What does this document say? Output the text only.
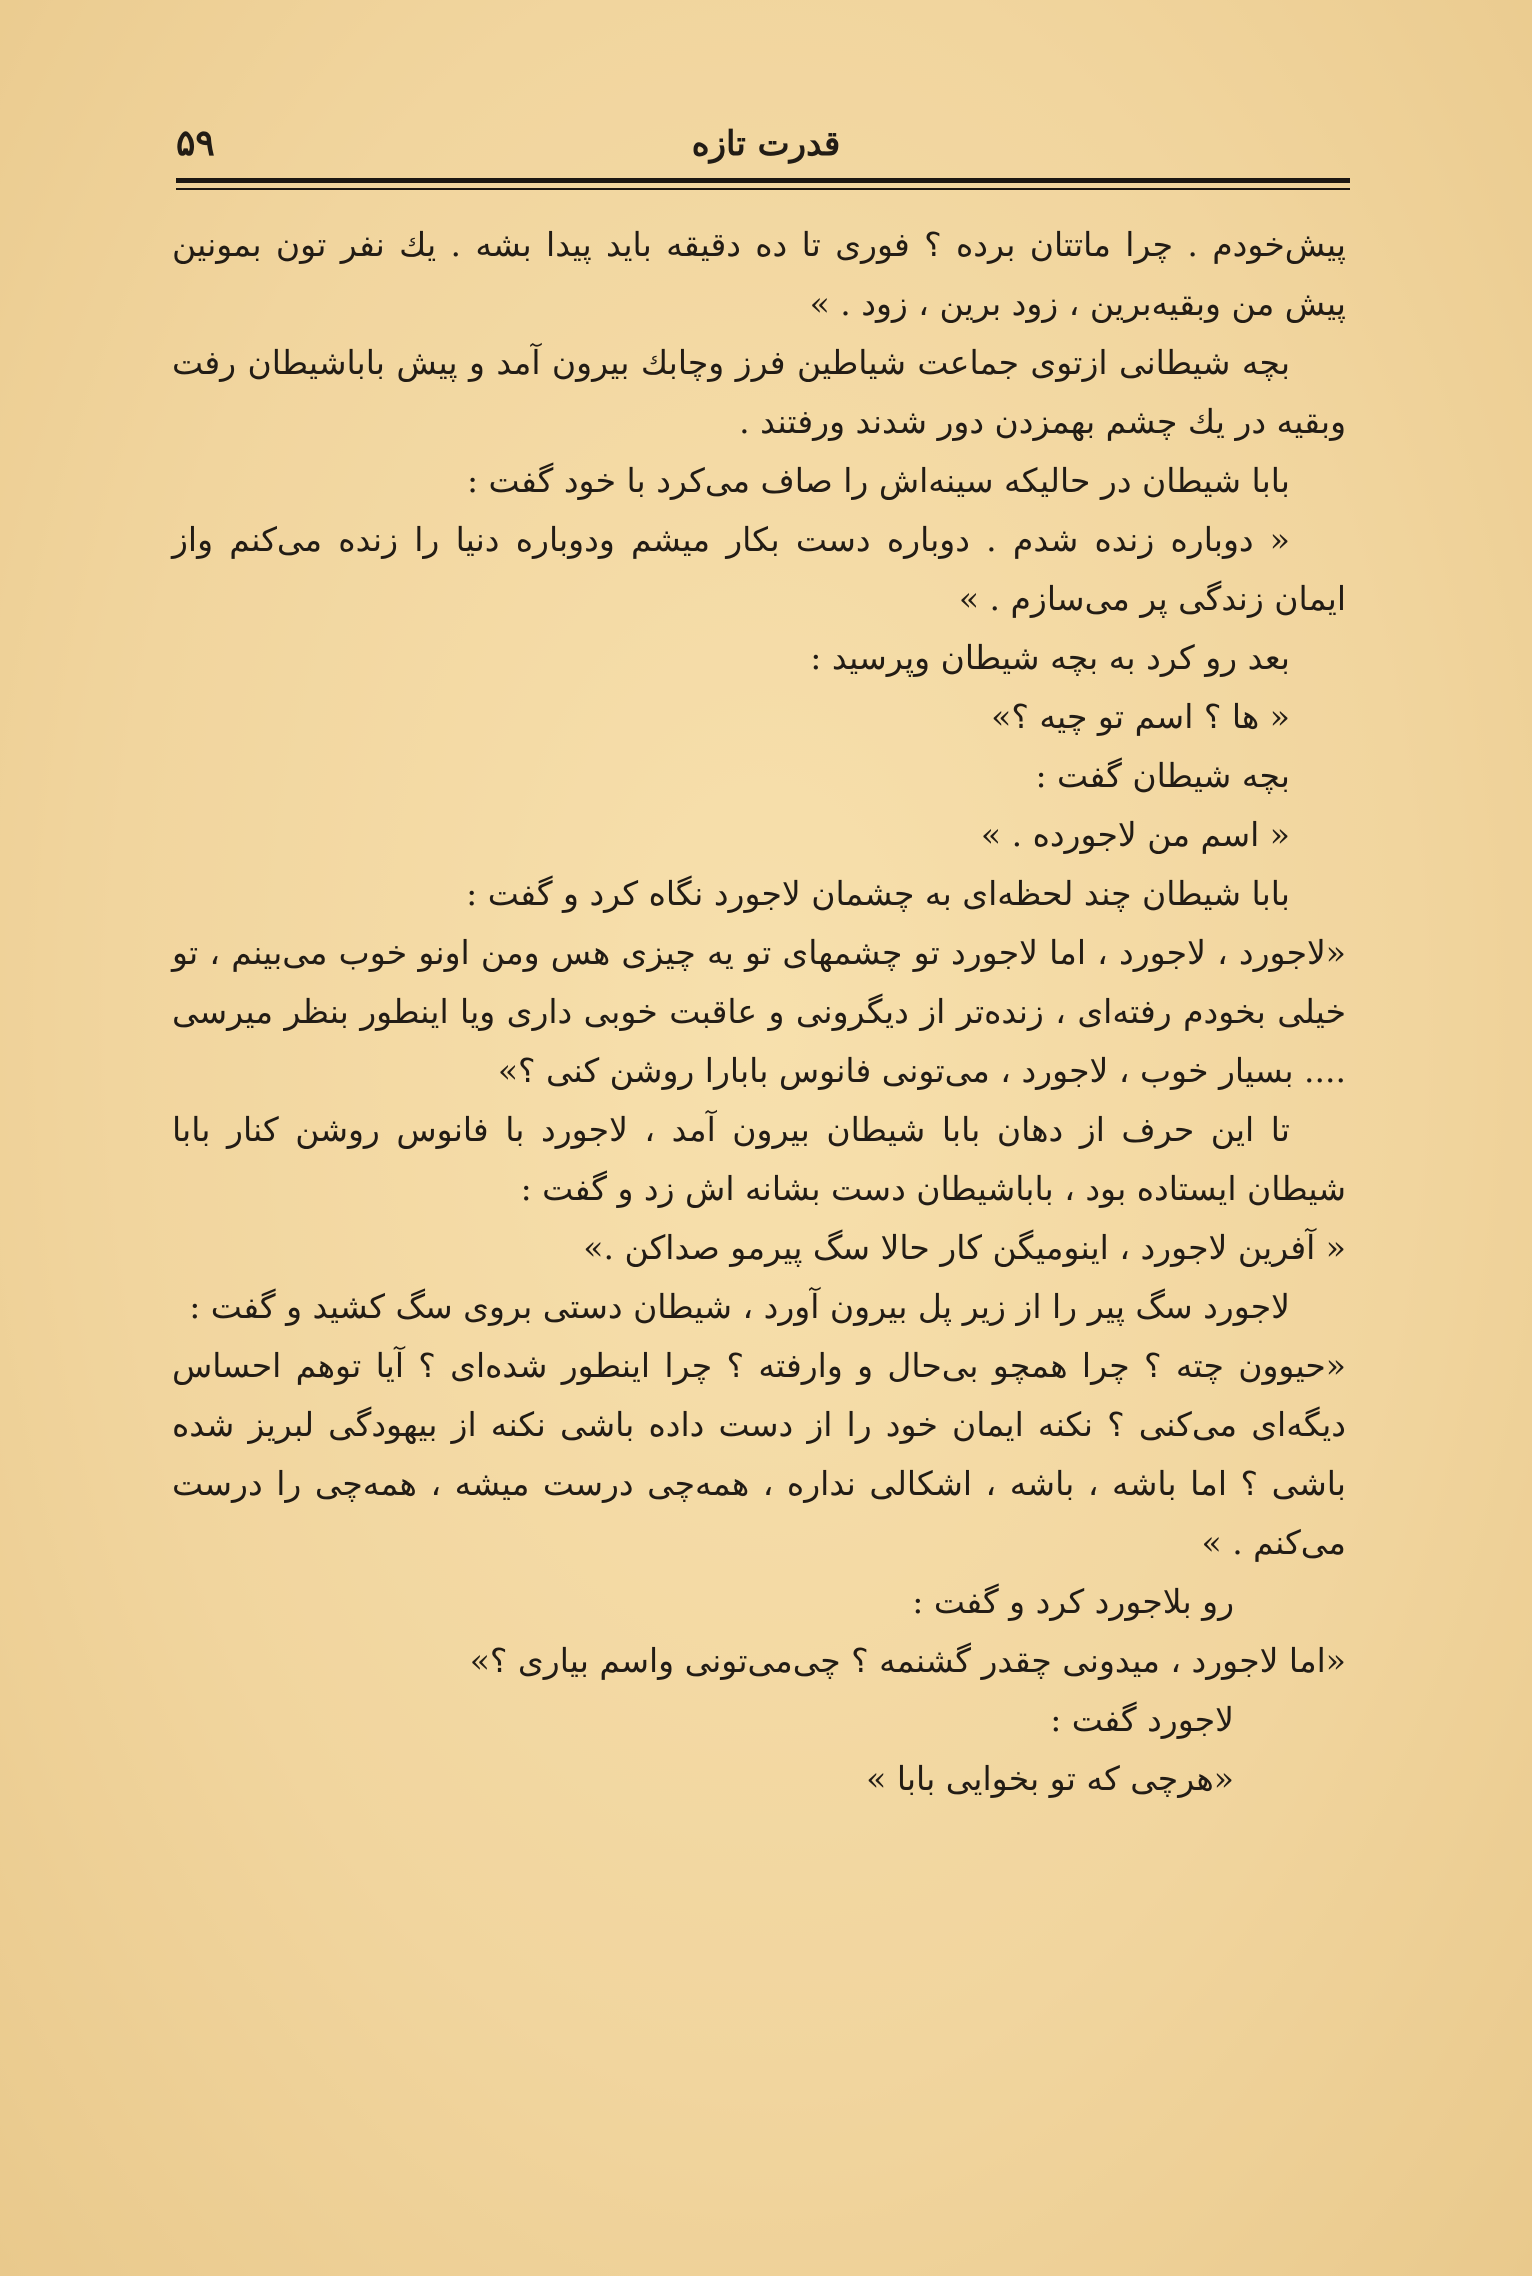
قدرت تازه
۵۹

پیش‌خودم . چرا ماتتان برده ؟ فوری تا ده دقیقه باید پیدا بشه . یك نفر تون بمونین پیش من وبقیه‌برین ، زود برین ، زود . »

بچه شیطانی ازتوی جماعت شیاطین فرز وچابك بیرون آمد و پیش باباشیطان رفت وبقیه در یك چشم بهمزدن دور شدند ورفتند .

بابا شیطان در حالیکه سینه‌اش را صاف می‌کرد با خود گفت :

« دوباره زنده شدم . دوباره دست بکار میشم ودوباره دنیا را زنده می‌کنم واز ایمان زندگی پر می‌سازم . »

بعد رو کرد به بچه شیطان وپرسید :

« ها ؟ اسم تو چیه ؟»

بچه شیطان گفت :

« اسم من لاجورده . »

بابا شیطان چند لحظه‌ای به چشمان لاجورد نگاه کرد و گفت :

«لاجورد ، لاجورد ، اما لاجورد تو چشمهای تو یه چیزی هس ومن اونو خوب می‌بینم ، تو خیلی بخودم رفته‌ای ، زنده‌تر از دیگرونی و عاقبت خوبی داری ویا اینطور بنظر میرسی .... بسیار خوب ، لاجورد ، می‌تونی فانوس بابارا روشن کنی ؟»

تا این حرف از دهان بابا شیطان بیرون آمد ، لاجورد با فانوس روشن کنار بابا شیطان ایستاده بود ، باباشیطان دست بشانه اش زد و گفت :

« آفرین لاجورد ، اینومیگن کار حالا سگ پیرمو صداکن .»

لاجورد سگ پیر را از زیر پل بیرون آورد ، شیطان دستی بروی سگ کشید و گفت :

«حیوون چته ؟ چرا همچو بی‌حال و وارفته ؟ چرا اینطور شده‌ای ؟ آیا توهم احساس دیگه‌ای می‌کنی ؟ نکنه ایمان خود را از دست داده باشی نکنه از بیهودگی لبریز شده باشی ؟ اما باشه ، باشه ، اشکالی نداره ، همه‌چی درست میشه ، همه‌چی را درست می‌کنم . »

رو بلاجورد کرد و گفت :

«اما لاجورد ، میدونی چقدر گشنمه ؟ چی‌می‌تونی واسم بیاری ؟»

لاجورد گفت :

«هرچی که تو بخوایی بابا »
